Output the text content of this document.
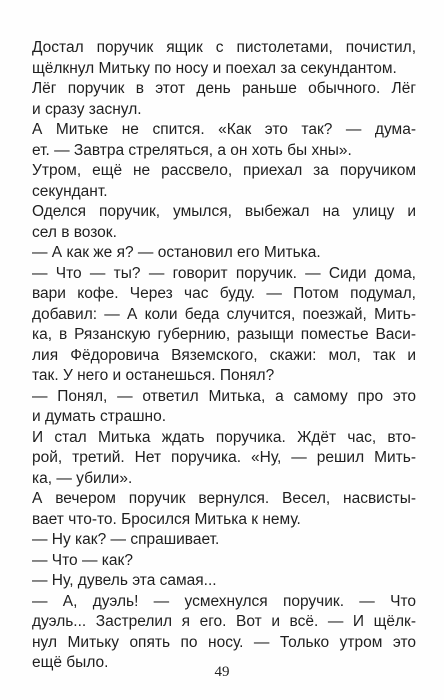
Достал поручик ящик с пистолетами, почистил,
щёлкнул Митьку по носу и поехал за секундантом.
Лёг поручик в этот день раньше обычного. Лёг
и сразу заснул.
А Митьке не спится. «Как это так? — дума-
ет. — Завтра стреляться, а он хоть бы хны».
Утром, ещё не рассвело, приехал за поручиком
секундант.
Оделся поручик, умылся, выбежал на улицу и
сел в возок.
— А как же я? — остановил его Митька.
— Что — ты? — говорит поручик. — Сиди дома,
вари кофе. Через час буду. — Потом подумал,
добавил: — А коли беда случится, поезжай, Мить-
ка, в Рязанскую губернию, разыщи поместье Васи-
лия Фёдоровича Вяземского, скажи: мол, так и
так. У него и останешься. Понял?
— Понял, — ответил Митька, а самому про это
и думать страшно.
И стал Митька ждать поручика. Ждёт час, вто-
рой, третий. Нет поручика. «Ну, — решил Мить-
ка, — убили».
А вечером поручик вернулся. Весел, насвисты-
вает что-то. Бросился Митька к нему.
— Ну как? — спрашивает.
— Что — как?
— Ну, дувель эта самая...
— А, дуэль! — усмехнулся поручик. — Что
дуэль... Застрелил я его. Вот и всё. — И щёлк-
нул Митьку опять по носу. — Только утром это
ещё было.
49
